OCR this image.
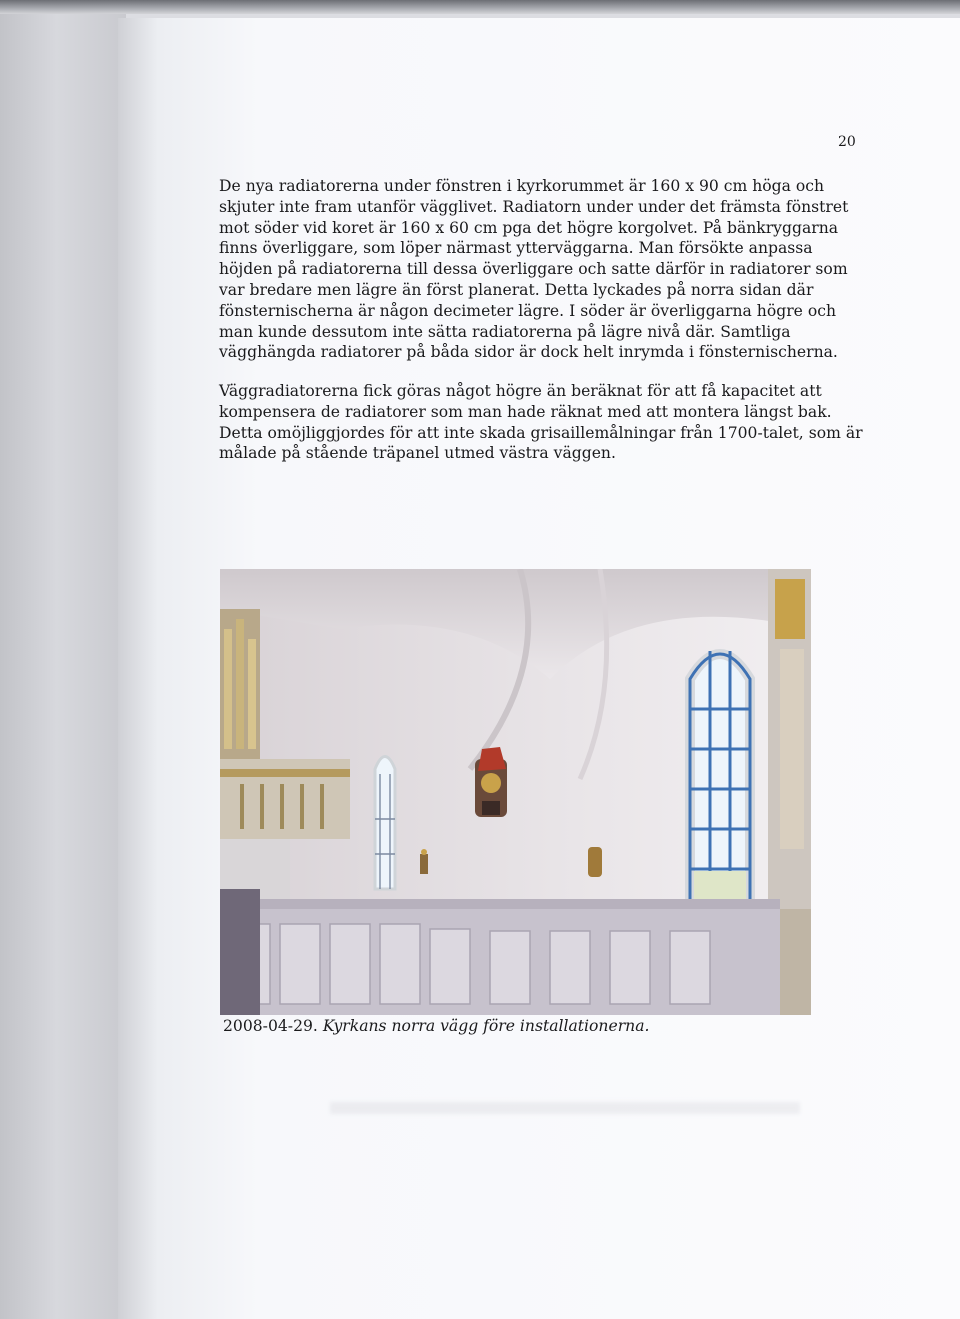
20

De nya radiatorerna under fönstren i kyrkorummet är 160 x 90 cm höga och skjuter inte fram utanför vägglivet. Radiatorn under under det främsta fönstret mot söder vid koret är 160 x 60 cm pga det högre korgolvet. På bänkryggarna finns överliggare, som löper närmast ytterväggarna. Man försökte anpassa höjden på radiatorerna till dessa överliggare och satte därför in radiatorer som var bredare men lägre än först planerat. Detta lyckades på norra sidan där fönsternischerna är någon decimeter lägre. I söder är överliggarna högre och man kunde dessutom inte sätta radiatorerna på lägre nivå där. Samtliga vägghängda radiatorer på båda sidor är dock helt inrymda i fönsternischerna.

Väggradiatorerna fick göras något högre än beräknat för att få kapacitet att kompensera de radiatorer som man hade räknat med att montera längst bak. Detta omöjliggjordes för att inte skada grisaillemålningar från 1700-talet, som är målade på stående träpanel utmed västra väggen.

2008-04-29. Kyrkans norra vägg före installationerna.
